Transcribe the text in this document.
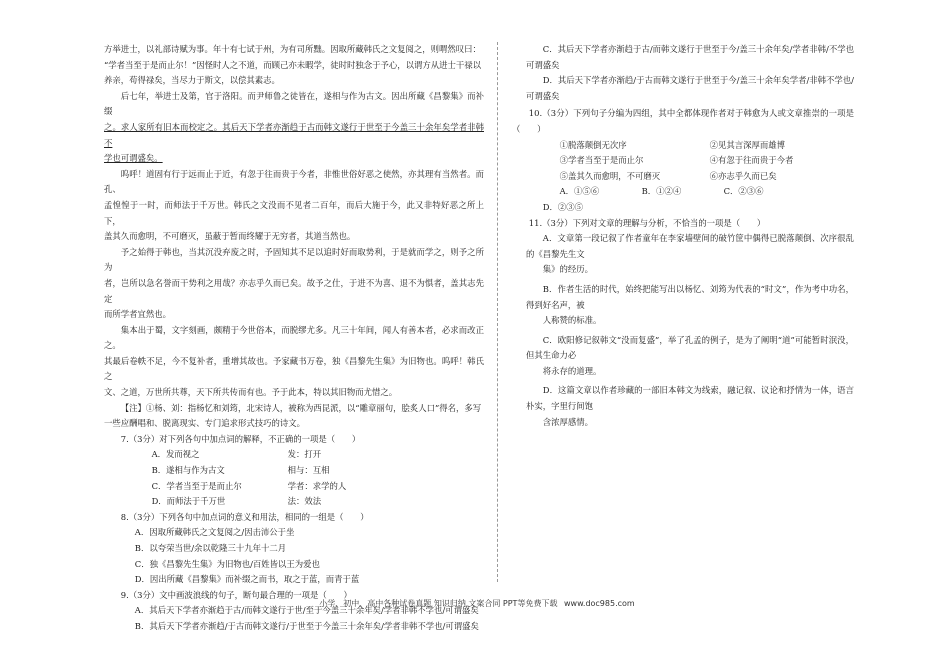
方举进士，以礼部诗赋为事。年十有七试于州，为有司所黜。因取所藏韩氏之文复阅之，则喟然叹曰：
“学者当至于是而止尔！”因怪时人之不道，而顾己亦未暇学，徒时时独念于予心，以谓方从进士干禄以
养亲，苟得禄矣，当尽力于斯文，以偿其素志。

后七年，举进士及第，官于洛阳。而尹师鲁之徒皆在，遂相与作为古文。因出所藏《昌黎集》而补缀
之。求人家所有旧本而校定之。其后天下学者亦渐趋于古而韩文遂行于世至于今盖三十余年矣学者非韩不
学也可谓盛矣。

呜呼！道固有行于远而止于近，有忽于往而贵于今者，非惟世俗好恶之使然，亦其理有当然者。而孔、
孟惶惶于一时，而师法于千万世。韩氏之文没而不见者二百年，而后大施于今，此又非特好恶之所上下，
盖其久而愈明，不可磨灭，虽蔽于暂而终耀于无穷者，其道当然也。

予之始得于韩也，当其沉没弃废之时，予固知其不足以追时好而取势利，于是就而学之，则予之所为
者，岂所以急名誉而干势利之用哉？亦志乎久而已矣。故予之仕，于进不为喜、退不为惧者，盖其志先定
而所学者宜然也。

集本出于蜀，文字刻画，颇精于今世俗本，而脱缪尤多。凡三十年间，闻人有善本者，必求而改正之。
其最后卷帙不足，今不复补者，重增其故也。予家藏书万卷，独《昌黎先生集》为旧物也。呜呼！韩氏之
文、之道，万世所共尊，天下所共传而有也。予于此本，特以其旧物而尤惜之。

【注】①杨、刘：指杨忆和刘筠，北宋诗人，被称为西昆派，以“雕章丽句，脍炙人口”得名，多写
一些应酬唱和、脱离现实、专门追求形式技巧的诗文。

7.（3分）对下列各句中加点词的解释，不正确的一项是（　　）

A．发而视之	发：打开

B．遂相与作为古文	相与：互相

C．学者当至于是而止尔	学者：求学的人

D．而师法于千万世	法：效法

8.（3分）下列各句中加点词的意义和用法，相同的一组是（　　）

A．因取所藏韩氏之文复阅之/因击沛公于坐

B．以夸荣当世/余以乾隆三十九年十二月

C．独《昌黎先生集》为旧物也/百姓皆以王为爱也

D．因出所藏《昌黎集》而补缀之而书，取之于蓝，而青于蓝

9.（3分）文中画波浪线的句子，断句最合理的一项是（　　）

A．其后天下学者亦渐趋于古/而韩文遂行于世/至于今盖三十余年矣/学者非韩不学也/可谓盛矣

B．其后天下学者亦渐趋/于古而韩文遂行/于世至于今盖三十余年矣/学者非韩不学也/可谓盛矣

C．其后天下学者亦渐趋于古/而韩文遂行于世至于今/盖三十余年矣/学者非韩/不学也可谓盛矣

D．其后天下学者亦渐趋/于古而韩文遂行于世至于今/盖三十余年矣学者/非韩不学也/可谓盛矣

10.（3分）下列句子分编为四组，其中全都体现作者对于韩愈为人或文章推崇的一项是（　　）

①脱落颠倒无次序	②见其言深厚而雄博

③学者当至于是而止尔	④有忽于往而贵于今者

⑤盖其久而愈明，不可磨灭	⑥亦志乎久而已矣

A．①⑤⑥	B．①②④	C．②③⑥D．②③⑤

11.（3分）下列对文章的理解与分析，不恰当的一项是（　　）

A．文章第一段记叙了作者童年在李家墙壁间的破竹筐中偶得已脱落颠倒、次序很乱的《昌黎先生文
集》的经历。

B．作者生活的时代，始终把能写出以杨忆、刘筠为代表的“时文”，作为考中功名，得到好名声，被
人称赞的标准。

C．欧阳修记叙韩文“没而复盛”，举了孔孟的例子，是为了阐明“道”可能暂时泯没，但其生命力必
将永存的道理。

D．这篇文章以作者珍藏的一部旧本韩文为线索，融记叙、议论和抒情为一体，语言朴实，字里行间饱
含浓厚感情。

小学、初中、高中各种试卷真题 知识归纳 文案合同 PPT等免费下载 www.doc985.com
